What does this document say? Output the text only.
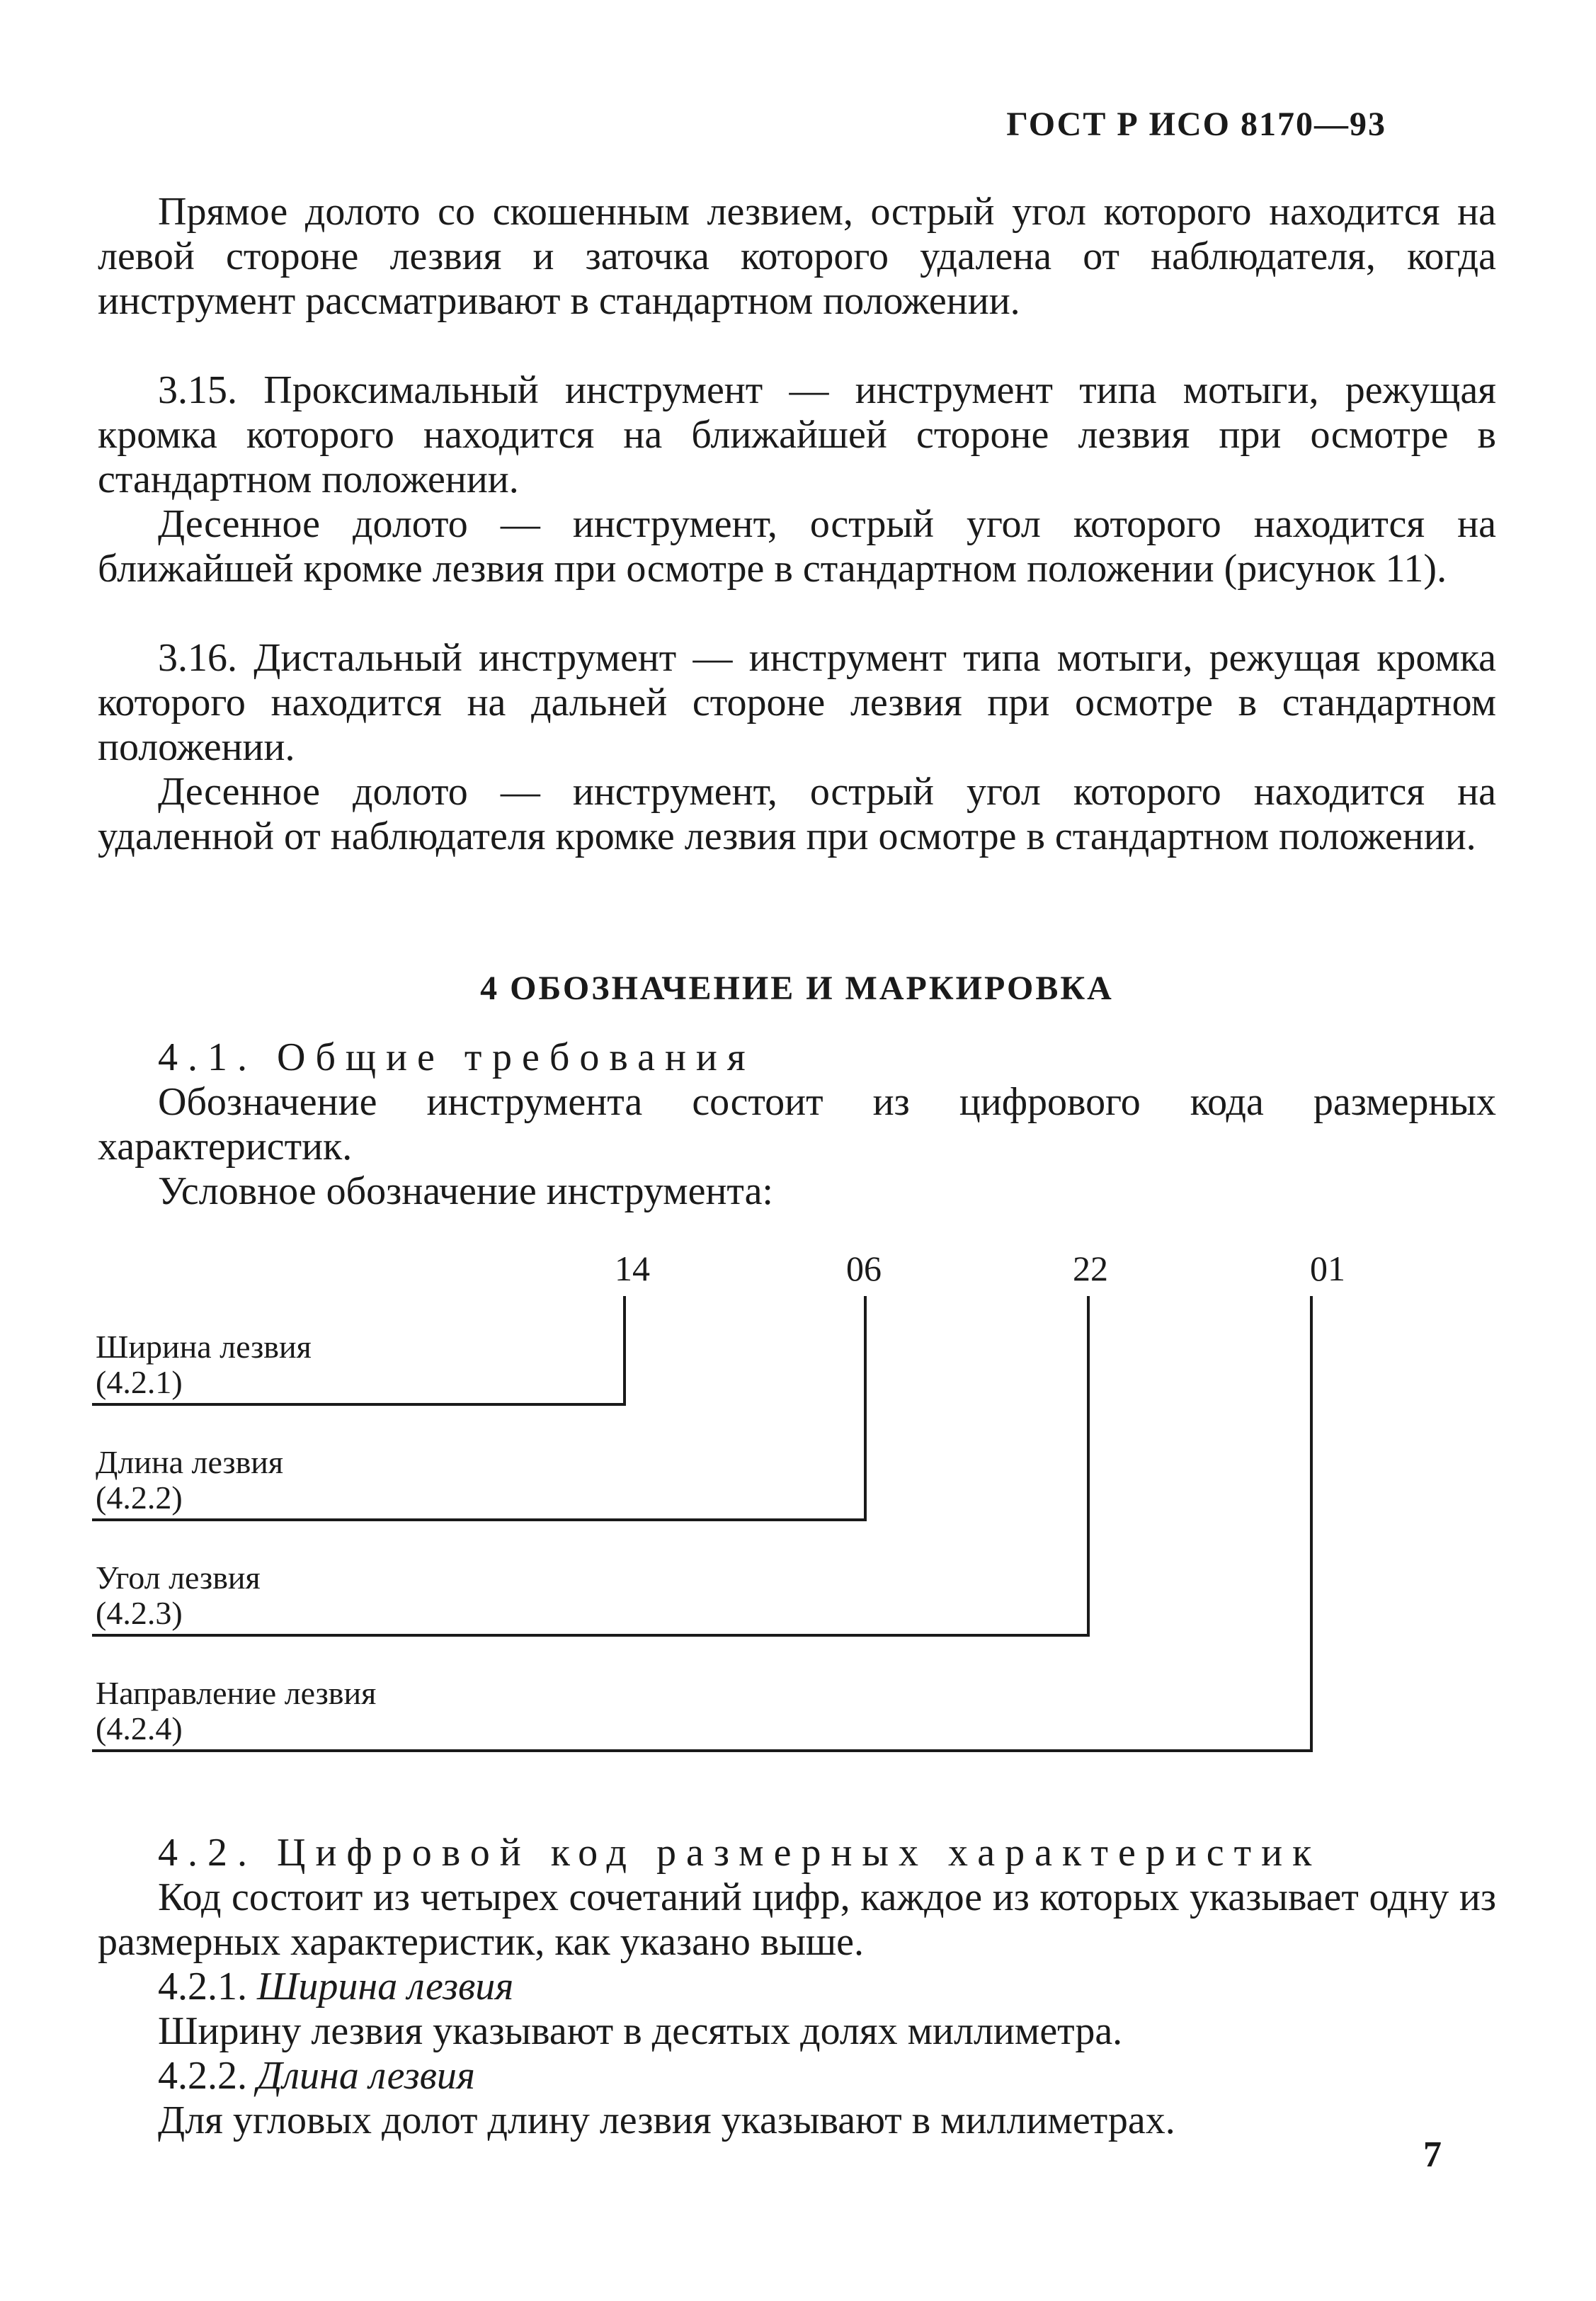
ГОСТ Р ИСО 8170—93

Прямое долото со скошенным лезвием, острый угол которого находится на левой стороне лезвия и заточка которого удалена от наблюдателя, когда инструмент рассматривают в стандартном положении.

3.15. Проксимальный инструмент — инструмент типа мотыги, режущая кромка которого находится на ближайшей стороне лезвия при осмотре в стандартном положении.

Десенное долото — инструмент, острый угол которого находится на ближайшей кромке лезвия при осмотре в стандартном положении (рисунок 11).

3.16. Дистальный инструмент — инструмент типа мотыги, режущая кромка которого находится на дальней стороне лезвия при осмотре в стандартном положении.

Десенное долото — инструмент, острый угол которого находится на удаленной от наблюдателя кромке лезвия при осмотре в стандартном положении.

4 ОБОЗНАЧЕНИЕ И МАРКИРОВКА
4.1. Общие требования

Обозначение инструмента состоит из цифрового кода размерных характеристик.

Условное обозначение инструмента:

14	06	22	01
Ширина лезвия
(4.2.1)
Длина лезвия
(4.2.2)
Угол лезвия
(4.2.3)
Направление лезвия
(4.2.4)
4.2. Цифровой код размерных характеристик

Код состоит из четырех сочетаний цифр, каждое из которых указывает одну из размерных характеристик, как указано выше.

4.2.1. Ширина лезвия

Ширину лезвия указывают в десятых долях миллиметра.

4.2.2. Длина лезвия

Для угловых долот длину лезвия указывают в миллиметрах.

7
